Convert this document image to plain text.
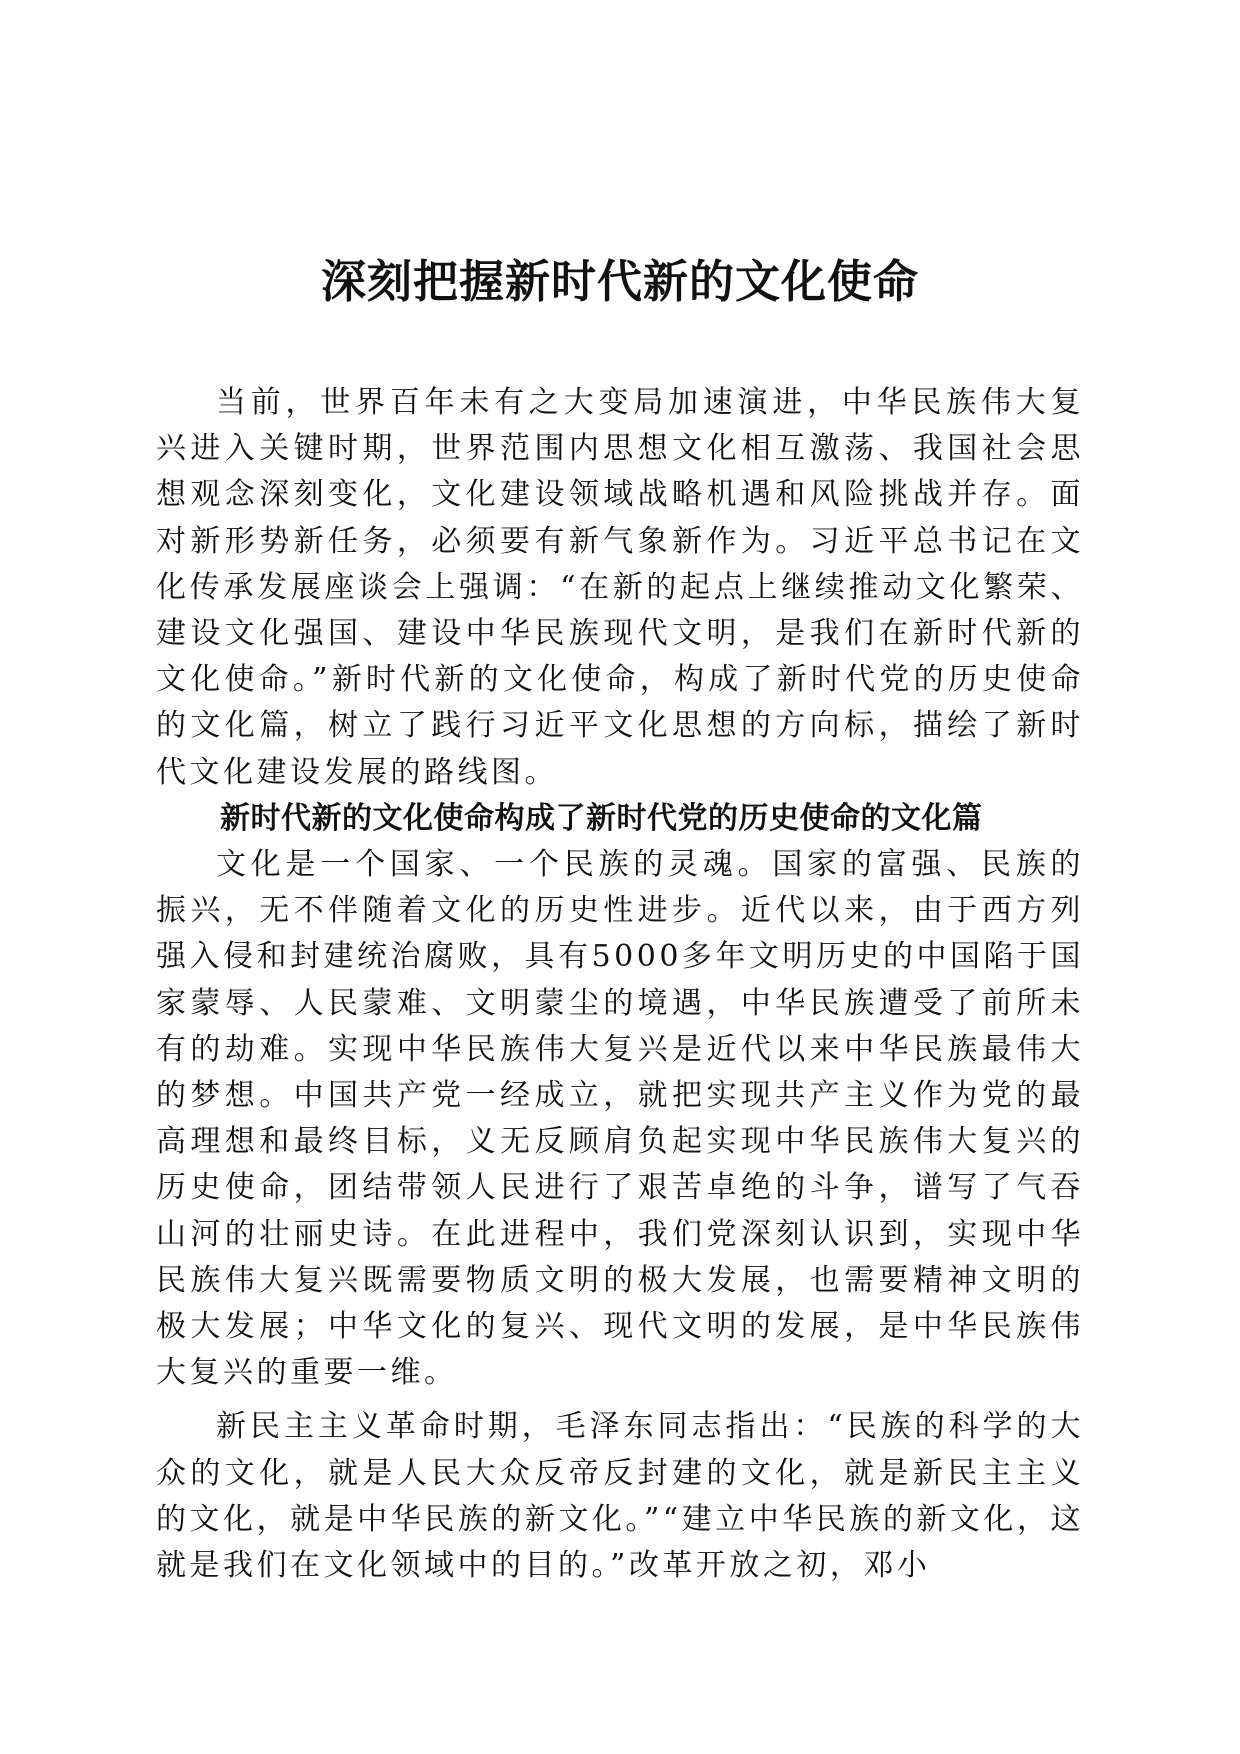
深刻把握新时代新的文化使命

当前，世界百年未有之大变局加速演进，中华民族伟大复兴进入关键时期，世界范围内思想文化相互激荡、我国社会思想观念深刻变化，文化建设领域战略机遇和风险挑战并存。面对新形势新任务，必须要有新气象新作为。习近平总书记在文化传承发展座谈会上强调：“在新的起点上继续推动文化繁荣、建设文化强国、建设中华民族现代文明，是我们在新时代新的文化使命。”新时代新的文化使命，构成了新时代党的历史使命的文化篇，树立了践行习近平文化思想的方向标，描绘了新时代文化建设发展的路线图。

新时代新的文化使命构成了新时代党的历史使命的文化篇

文化是一个国家、一个民族的灵魂。国家的富强、民族的振兴，无不伴随着文化的历史性进步。近代以来，由于西方列强入侵和封建统治腐败，具有5000多年文明历史的中国陷于国家蒙辱、人民蒙难、文明蒙尘的境遇，中华民族遭受了前所未有的劫难。实现中华民族伟大复兴是近代以来中华民族最伟大的梦想。中国共产党一经成立，就把实现共产主义作为党的最高理想和最终目标，义无反顾肩负起实现中华民族伟大复兴的历史使命，团结带领人民进行了艰苦卓绝的斗争，谱写了气吞山河的壮丽史诗。在此进程中，我们党深刻认识到，实现中华民族伟大复兴既需要物质文明的极大发展，也需要精神文明的极大发展；中华文化的复兴、现代文明的发展，是中华民族伟大复兴的重要一维。

新民主主义革命时期，毛泽东同志指出：“民族的科学的大众的文化，就是人民大众反帝反封建的文化，就是新民主主义的文化，就是中华民族的新文化。”“建立中华民族的新文化，这就是我们在文化领域中的目的。”改革开放之初，邓小
